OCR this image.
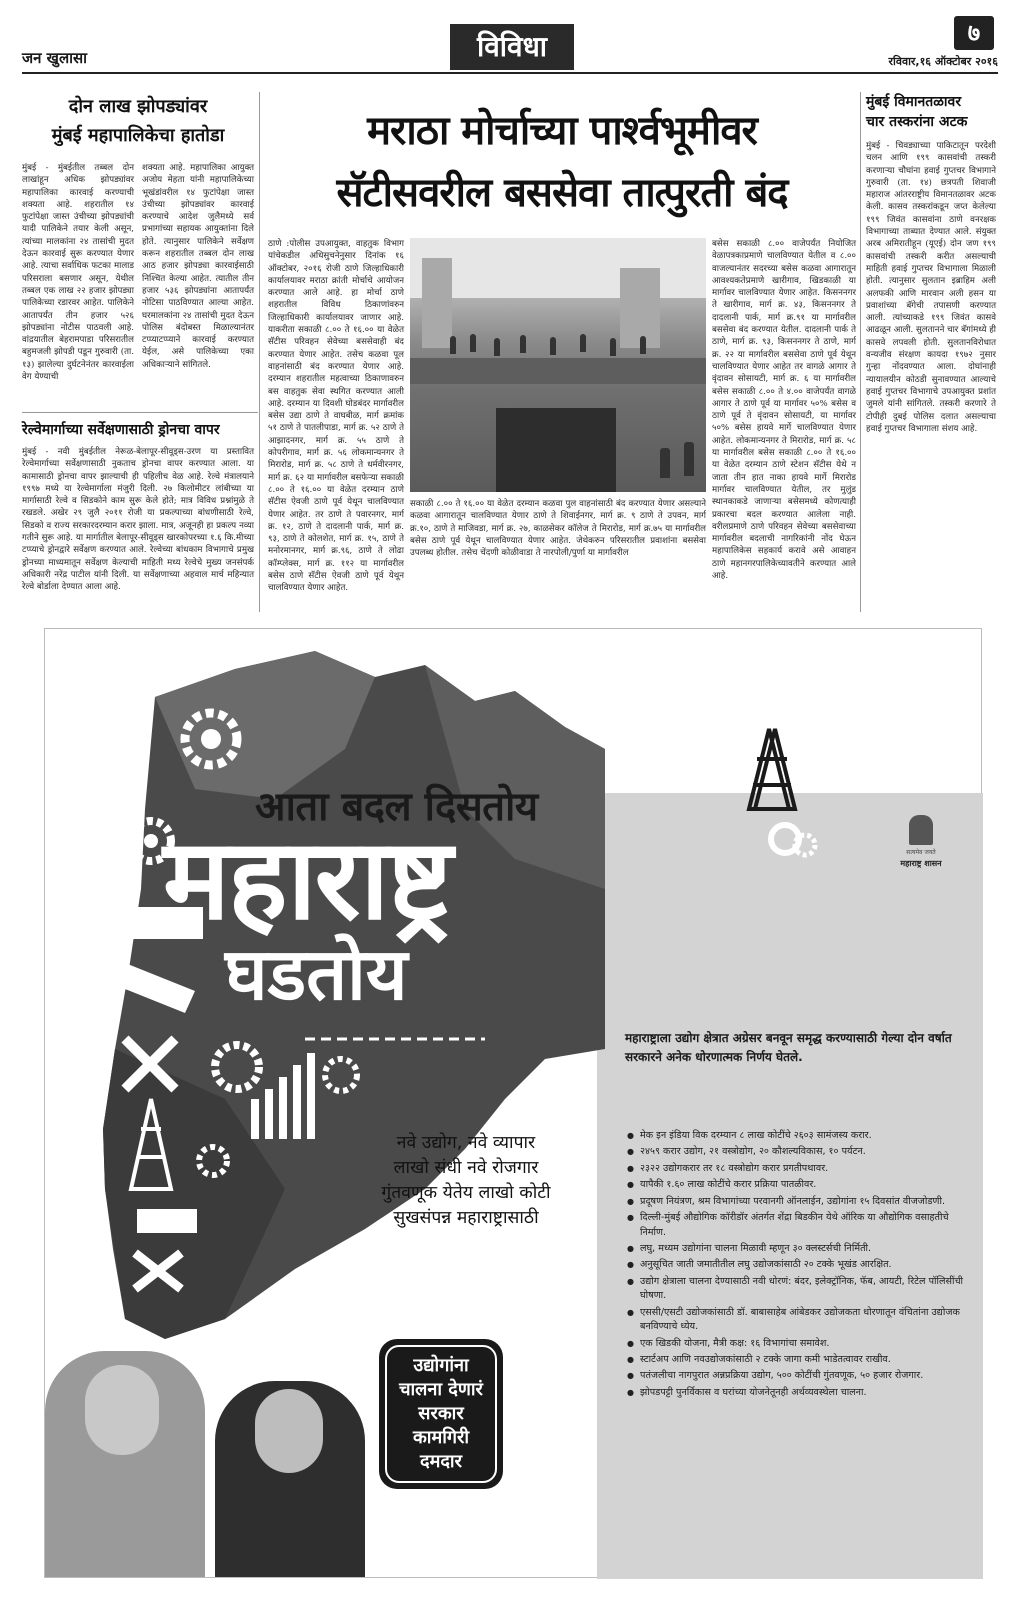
जन खुलासा	विविधा	७
रविवार,१६ ऑक्टोबर २०१६
दोन लाख झोपड्यांवर
मुंबई महापालिकेचा हातोडा

मुंबई - मुंबईतील तब्बल दोन लाखांहून अधिक झोपड्यांवर महापालिका कारवाई करण्याची शक्यता आहे. शहरातील १४ फुटांपेक्षा जास्त उंचीच्या झोपड्यांची यादी पालिकेने तयार केली असून, त्यांच्या मालकांना २४ तासांची मुदत देऊन कारवाई सुरू करण्यात येणार आहे. त्याचा सर्वाधिक फटका मालाड परिसराला बसणार असून, येथील तब्बल एक लाख २२ हजार झोपड्या पालिकेच्या रडारवर आहेत. पालिकेने आतापर्यंत तीन हजार ५२६ झोपड्यांना नोटीस पाठवली आहे. वांद्रयातील बेहरामपाडा परिसरातील बहुमजली झोपडी पडून गुरुवारी (ता. १३) झालेल्या दुर्घटनेनंतर कारवाईला वेग येण्याची

शक्यता आहे. महापालिका आयुक्त अजोय मेहता यांनी महापालिकेच्या भूखंडांवरील १४ फुटांपेक्षा जास्त उंचीच्या झोपड्यांवर कारवाई करण्याचे आदेश जुलैमध्ये सर्व प्रभागांच्या सहायक आयुक्तांना दिले होते. त्यानुसार पालिकेने सर्वेक्षण करून शहरातील तब्बल दोन लाख आठ हजार झोपड्या कारवाईसाठी निश्चित केल्या आहेत. त्यातील तीन हजार ५३६ झोपड्यांना आतापर्यंत नोटिसा पाठविण्यात आल्या आहेत. घरमालकांना २४ तासांची मुदत देऊन पोलिस बंदोबस्त मिळाल्यानंतर टप्प्याटप्प्याने कारवाई करण्यात येईल, असे पालिकेच्या एका अधिकाऱ्याने सांगितले.

रेल्वेमार्गाच्या सर्वेक्षणासाठी ड्रोनचा वापर

मुंबई - नवी मुंबईतील नेरूळ-बेलापूर-सीवूड्स-उरण या प्रस्तावित रेल्वेमार्गाच्या सर्वेक्षणासाठी नुकताच ड्रोनचा वापर करण्यात आला. या कामासाठी ड्रोनचा वापर झाल्याची ही पहिलीच वेळ आहे. रेल्वे मंत्रालयाने १९९७ मध्ये या रेल्वेमार्गाला मंजुरी दिली. २७ किलोमीटर लांबीच्या या मार्गासाठी रेल्वे व सिडकोने काम सुरू केले होते; मात्र विविध प्रश्नांमुळे ते रखडले. अखेर २९ जुलै २०११ रोजी या प्रकल्पाच्या बांधणीसाठी रेल्वे, सिडको व राज्य सरकारदरम्यान करार झाला. मात्र, अजूनही हा प्रकल्प नव्या गतीने सुरू आहे. या मार्गातील बेलापूर-सीवूड्स खारकोपरच्या १.६ कि.मीच्या टप्प्याचे ड्रोनद्वारे सर्वेक्षण करण्यात आले. रेल्वेच्या बांधकाम विभागाचे प्रमुख ड्रोनच्या माध्यमातून सर्वेक्षण केल्याची माहिती मध्य रेल्वेचे मुख्य जनसंपर्क अधिकारी नरेंद्र पाटील यांनी दिली. या सर्वेक्षणाच्या अहवाल मार्च महिन्यात रेल्वे बोर्डाला देण्यात आला आहे.

मराठा मोर्चाच्या पार्श्वभूमीवर
सॅटीसवरील बससेवा तात्पुरती बंद

ठाणे :पोलीस उपआयुक्त, वाहतुक विभाग यांचेकडील अधिसुचनेनुसार दिनांक १६ ऑक्टोबर, २०१६ रोजी ठाणे जिल्हाधिकारी कार्यालयावर मराठा क्रांती मोर्चाचे आयोजन करण्यात आले आहे. हा मोर्चा ठाणे शहरातील विविध ठिकाणांवरुन जिल्हाधिकारी कार्यालयावर जाणार आहे. याकरीता सकाळी ८.०० ते १६.०० या वेळेत सॅटीस परिवहन सेवेच्या बससेवाही बंद करण्यात येणार आहेत. तसेच कळवा पूल वाहनांसाठी बंद करण्यात येणार आहे. दरम्यान शहरातील महत्वाच्या ठिकाणावरुन बस वाहतुक सेवा स्थगित करण्यात आली आहे. दरम्यान या दिवशी घोडबंदर मार्गावरील बसेस उद्या ठाणे ते वाघबीळ, मार्ग क्रमांक ५१ ठाणे ते पातलीपाडा, मार्ग क्र. ५२ ठाणे ते आझादनगर, मार्ग क्र. ५५ ठाणे ते कोपरीगाव, मार्ग क्र. ५६ लोकमान्यनगर ते मिरारोड, मार्ग क्र. ५८ ठाणे ते धर्मवीरनगर, मार्ग क्र. ६२ या मार्गावरील बसफेऱ्या सकाळी ८.०० ते १६.०० या वेळेत दरम्यान ठाणे सॅटीस ऐवजी ठाणे पूर्व येथून चालविण्यात येणार आहेत. तर ठाणे ते पवारनगर, मार्ग क्र. १२, ठाणे ते दादलानी पार्क, मार्ग क्र. ९३, ठाणे ते कोलशेत, मार्ग क्र. १५, ठाणे ते मनोरमानगर, मार्ग क्र.९६, ठाणे ते लोढा कॉम्प्लेक्स, मार्ग क्र. ११२ या मार्गावरील बसेस ठाणे सॅटीस ऐवजी ठाणे पूर्व येथून चालविण्यात येणार आहेत.

बसेस सकाळी ८.०० वाजेपर्यंत नियोजित वेळापत्रकाप्रमाणे चालविण्यात येतील व ८.०० वाजल्यानंतर सदरच्या बसेस कळवा आगारातून आवश्यकतेप्रमाणे खारीगाव, खिडकाळी या मार्गावर चालविण्यात येणार आहेत. किसननगर ते खारीगाव, मार्ग क्र. ४३, किसननगर ते दादलानी पार्क, मार्ग क्र.९१ या मार्गावरील बससेवा बंद करण्यात येतील. दादलानी पार्क ते ठाणे, मार्ग क्र. ९३, किसननगर ते ठाणे, मार्ग क्र. २२ या मार्गावरील बससेवा ठाणे पूर्व येथून चालविण्यात येणार आहेत तर वागळे आगार ते वृंदावन सोसायटी, मार्ग क्र. ६ या मार्गावरील बसेस सकाळी ८.०० ते ४.०० वाजेपर्यंत वागळे आगार ते ठाणे पूर्व या मार्गावर ५०% बसेस व ठाणे पूर्व ते वृंदावन सोसायटी, या मार्गावर ५०% बसेस हायवे मार्गे चालविण्यात येणार आहेत. लोकमान्यनगर ते मिरारोड, मार्ग क्र. ५८ या मार्गावरील बसेस सकाळी ८.०० ते १६.०० या वेळेत दरम्यान ठाणे स्टेशन सॅटीस येथे न जाता तीन हात नाका हायवे मार्गे मिरारोड मार्गावर चालविण्यात येतील, तर मुलुंड स्थानकाकडे जाणाऱ्या बसेसमध्ये कोणत्याही प्रकारचा बदल करण्यात आलेला नाही. वरीलप्रमाणे ठाणे परिवहन सेवेच्या बससेवाच्या मार्गावरील बदलाची नागरिकांनी नोंद घेऊन महापालिकेस सहकार्य करावे असे आवाहन ठाणे महानगरपालिकेच्यावतीने करण्यात आले आहे.

सकाळी ८.०० ते १६.०० या वेळेत दरम्यान कळवा पुल वाहनांसाठी बंद करण्यात येणार असल्याने कळवा आगारातून चालविण्यात येणार ठाणे ते शिवाईनगर, मार्ग क्र. ९ ठाणे ते उपवन, मार्ग क्र.१०, ठाणे ते माजिवडा, मार्ग क्र. २७, काळसेकर कॉलेज ते मिरारोड, मार्ग क्र.७५ या मार्गावरील बसेस ठाणे पूर्व येथून चालविण्यात येणार आहेत. जेथेकरुन परिसरातील प्रवाशांना बससेवा उपलब्ध होतील. तसेच चेंदणी कोळीवाडा ते नारपोली/पुर्णा या मार्गावरील

मुंबई विमानतळावर
चार तस्करांना अटक

मुंबई - चिवड्याच्या पाकिटातून परदेशी चलन आणि १९९ कासवांची तस्करी करणाऱ्या चौघांना हवाई गुप्तचर विभागाने गुरुवारी (ता. १४) छत्रपती शिवाजी महाराज आंतरराष्ट्रीय विमानतळावर अटक केली. कासव तस्करांकडून जप्त केलेल्या १९९ जिवंत कासवांना ठाणे वनरक्षक विभागाच्या ताब्यात देण्यात आले. संयुक्त अरब अमिरातीहून (यूएई) दोन जण १९९ कासवांची तस्करी करीत असल्याची माहिती हवाई गुप्तचर विभागाला मिळाली होती. त्यानुसार सुलतान इब्राहिम अली अलफकी आणि मारवान अली हसन या प्रवाशांच्या बॅगेची तपासणी करण्यात आली. त्यांच्याकडे १९९ जिवंत कासवे आढळून आली. सुलतानने चार बॅगांमध्ये ही कासवे लपवली होती. सुलतानविरोधात वन्यजीव संरक्षण कायदा १९७२ नुसार गुन्हा नोंदवण्यात आला. दोघांनाही न्यायालयीन कोठडी सुनावण्यात आल्याचे हवाई गुप्तचर विभागाचे उपआयुक्त प्रशांत जुमले यांनी सांगितले. तस्करी करणारे ते टोपीही दुबई पोलिस दलात असल्याचा हवाई गुप्तचर विभागाला संशय आहे.

आता बदल दिसतोय
महाराष्ट्र
घडतोय
सत्यमेव जयते
महाराष्ट्र शासन
महाराष्ट्राला उद्योग क्षेत्रात अग्रेसर बनवून समृद्ध करण्यासाठी गेल्या दोन वर्षात सरकारने अनेक धोरणात्मक निर्णय घेतले.
● मेक इन इंडिया विक दरम्यान ८ लाख कोटींचे २६०३ सामंजस्य करार.
● २४५९ करार उद्योग, २१ वस्त्रोद्योग, २० कौशल्यविकास, १० पर्यटन.
● २३२२ उद्योगकरार तर १८ वस्त्रोद्योग करार प्रगतीपथावर.
● यापैकी १.६० लाख कोटींचे करार प्रक्रिया पातळीवर.
● प्रदूषण नियंत्रण, श्रम विभागांच्या परवानगी ऑनलाईन, उद्योगांना १५ दिवसांत वीजजोडणी.
● दिल्ली-मुंबई औद्योगिक कॉरीडॉर अंतर्गत शेंद्रा बिडकीन येथे ऑरिक या औद्योगिक वसाहतीचे निर्माण.
● लघु, मध्यम उद्योगांना चालना मिळावी म्हणून ३० क्लस्टर्सची निर्मिती.
● अनुसूचित जाती जमातीतील लघु उद्योजकांसाठी २० टक्के भूखंड आरक्षित.
● उद्योग क्षेत्राला चालना देण्यासाठी नवी धोरणं: बंदर, इलेक्ट्रॉनिक, फॅब, आयटी, रिटेल पॉलिसींची घोषणा.
● एससी/एसटी उद्योजकांसाठी डॉ. बाबासाहेब आंबेडकर उद्योजकता धोरणातून वंचितांना उद्योजक बनविण्याचे ध्येय.
● एक खिडकी योजना, मैत्री कक्ष: १६ विभागांचा समावेश.
● स्टार्टअप आणि नवउद्योजकांसाठी २ टक्के जागा कमी भाडेतत्वावर राखीव.
● पतंजलीचा नागपुरात अन्नप्रक्रिया उद्योग, ५०० कोटींची गुंतवणूक, ५० हजार रोजगार.
● झोपडपट्टी पुनर्विकास व घरांच्या योजनेतूनही अर्थव्यवस्थेला चालना.
नवे उद्योग, नवे व्यापार
लाखो संधी नवे रोजगार
गुंतवणूक येतेय लाखो कोटी
सुखसंपन्न महाराष्ट्रासाठी
उद्योगांना
चालना देणारं
सरकार
कामगिरी
दमदार
